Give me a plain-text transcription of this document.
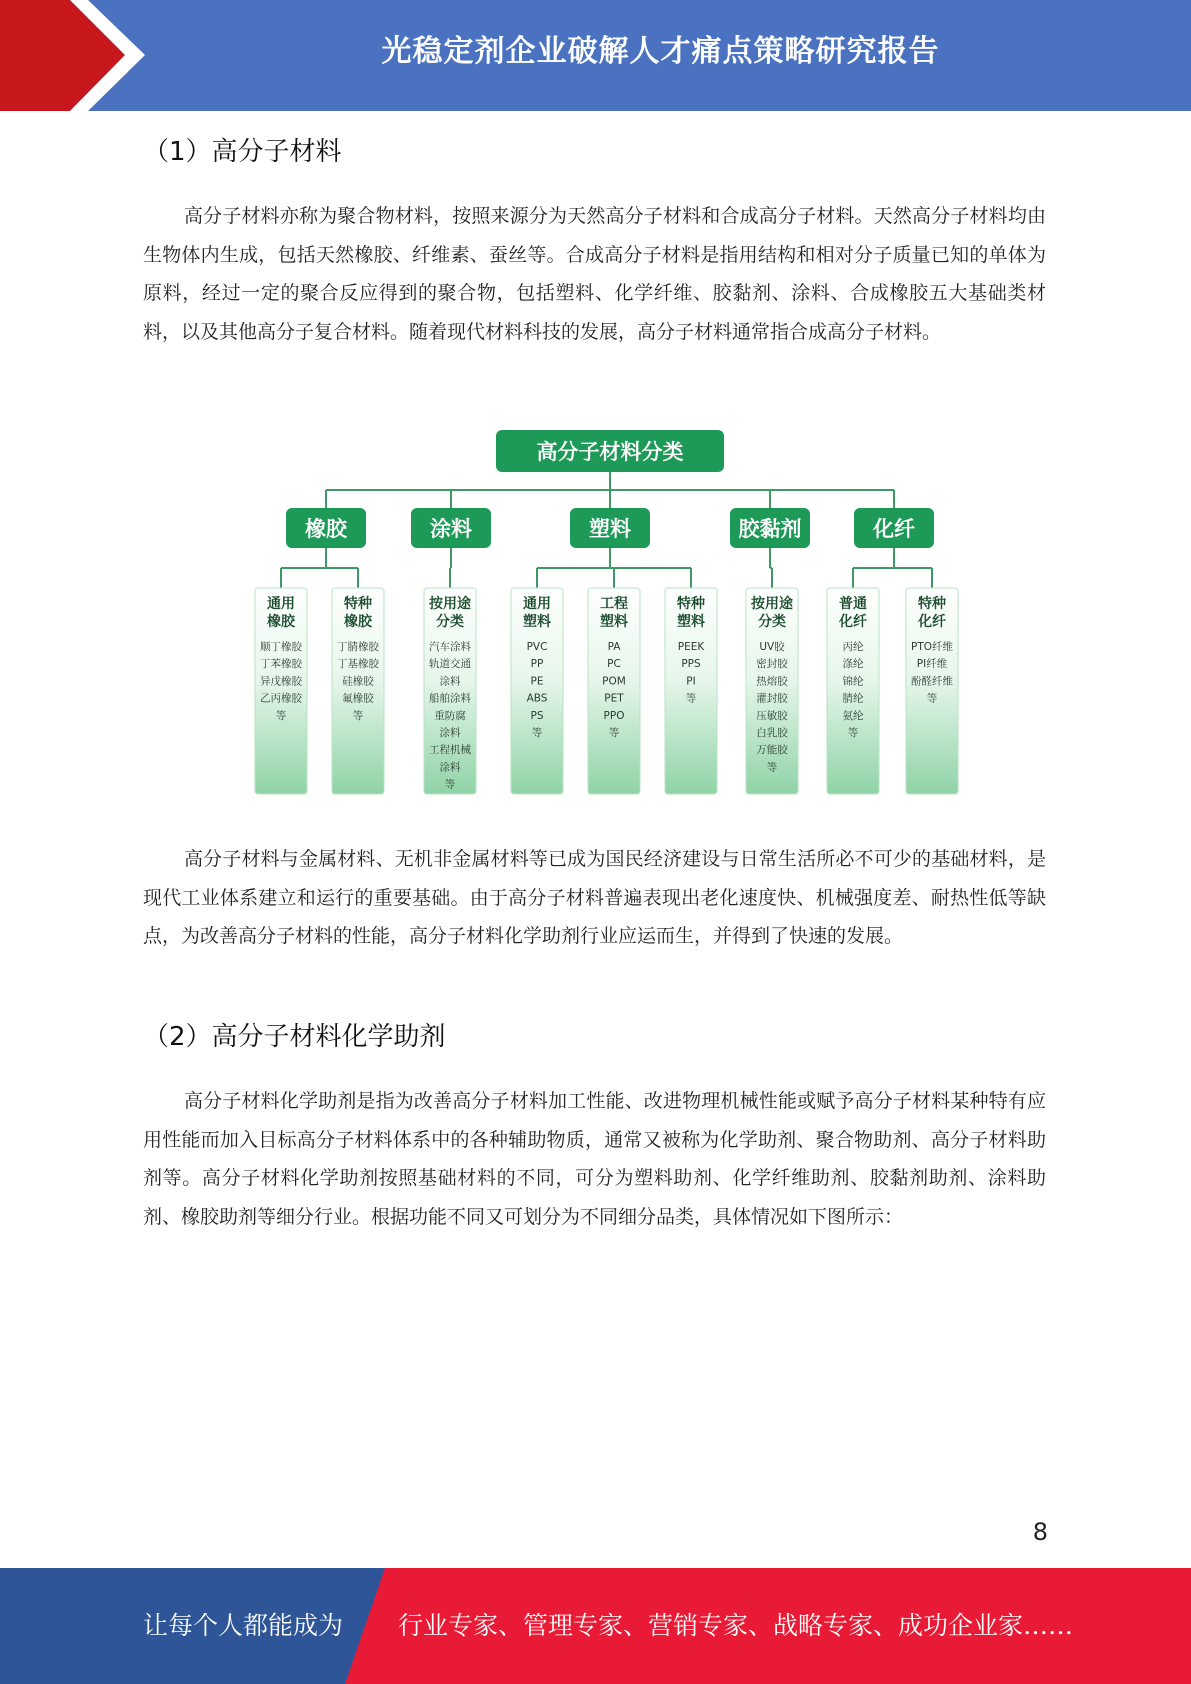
光稳定剂企业破解人才痛点策略研究报告
（1）高分子材料

高分子材料亦称为聚合物材料，按照来源分为天然高分子材料和合成高分子材料。天然高分子材料均由生物体内生成，包括天然橡胶、纤维素、蚕丝等。合成高分子材料是指用结构和相对分子质量已知的单体为原料，经过一定的聚合反应得到的聚合物，包括塑料、化学纤维、胶黏剂、涂料、合成橡胶五大基础类材料，以及其他高分子复合材料。随着现代材料科技的发展，高分子材料通常指合成高分子材料。

高分子材料分类
橡胶
通用
橡胶
顺丁橡胶
丁苯橡胶
异戊橡胶
乙丙橡胶
等
特种
橡胶
丁腈橡胶
丁基橡胶
硅橡胶
氟橡胶
等
涂料
按用途
分类
汽车涂料
轨道交通
涂料
船舶涂料
重防腐
涂料
工程机械
涂料
等
塑料
通用
塑料
PVC
PP
PE
ABS
PS
等
工程
塑料
PA
PC
POM
PET
PPO
等
特种
塑料
PEEK
PPS
PI
等
胶黏剂
按用途
分类
UV胶
密封胶
热熔胶
灌封胶
压敏胶
白乳胶
万能胶
等
化纤
普通
化纤
丙纶
涤纶
锦纶
腈纶
氨纶
等
特种
化纤
PTO纤维
PI纤维
酚醛纤维
等

高分子材料与金属材料、无机非金属材料等已成为国民经济建设与日常生活所必不可少的基础材料，是现代工业体系建立和运行的重要基础。由于高分子材料普遍表现出老化速度快、机械强度差、耐热性低等缺点，为改善高分子材料的性能，高分子材料化学助剂行业应运而生，并得到了快速的发展。

（2）高分子材料化学助剂

高分子材料化学助剂是指为改善高分子材料加工性能、改进物理机械性能或赋予高分子材料某种特有应用性能而加入目标高分子材料体系中的各种辅助物质，通常又被称为化学助剂、聚合物助剂、高分子材料助剂等。高分子材料化学助剂按照基础材料的不同，可分为塑料助剂、化学纤维助剂、胶黏剂助剂、涂料助剂、橡胶助剂等细分行业。根据功能不同又可划分为不同细分品类，具体情况如下图所示：

8
让每个人都能成为 行业专家、管理专家、营销专家、战略专家、成功企业家……
